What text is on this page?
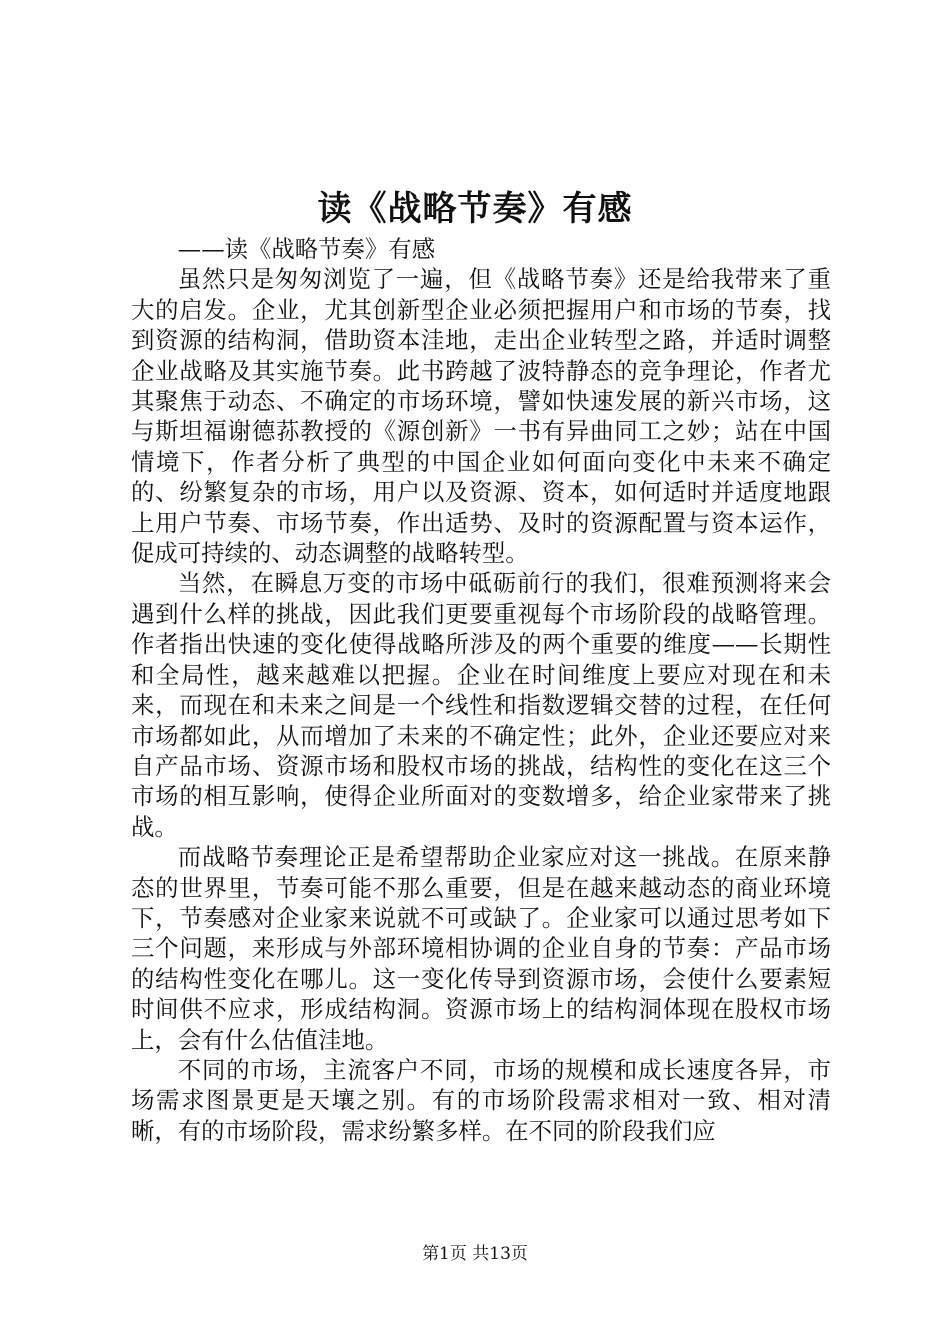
读《战略节奏》有感

——读《战略节奏》有感

虽然只是匆匆浏览了一遍，但《战略节奏》还是给我带来了重大的启发。企业，尤其创新型企业必须把握用户和市场的节奏，找到资源的结构洞，借助资本洼地，走出企业转型之路，并适时调整企业战略及其实施节奏。此书跨越了波特静态的竞争理论，作者尤其聚焦于动态、不确定的市场环境，譬如快速发展的新兴市场，这与斯坦福谢德荪教授的《源创新》一书有异曲同工之妙；站在中国情境下，作者分析了典型的中国企业如何面向变化中未来不确定的、纷繁复杂的市场，用户以及资源、资本，如何适时并适度地跟上用户节奏、市场节奏，作出适势、及时的资源配置与资本运作，促成可持续的、动态调整的战略转型。

当然，在瞬息万变的市场中砥砺前行的我们，很难预测将来会遇到什么样的挑战，因此我们更要重视每个市场阶段的战略管理。作者指出快速的变化使得战略所涉及的两个重要的维度——长期性和全局性，越来越难以把握。企业在时间维度上要应对现在和未来，而现在和未来之间是一个线性和指数逻辑交替的过程，在任何市场都如此，从而增加了未来的不确定性；此外，企业还要应对来自产品市场、资源市场和股权市场的挑战，结构性的变化在这三个市场的相互影响，使得企业所面对的变数增多，给企业家带来了挑战。

而战略节奏理论正是希望帮助企业家应对这一挑战。在原来静态的世界里，节奏可能不那么重要，但是在越来越动态的商业环境下，节奏感对企业家来说就不可或缺了。企业家可以通过思考如下三个问题，来形成与外部环境相协调的企业自身的节奏：产品市场的结构性变化在哪儿。这一变化传导到资源市场，会使什么要素短时间供不应求，形成结构洞。资源市场上的结构洞体现在股权市场上，会有什么估值洼地。

不同的市场，主流客户不同，市场的规模和成长速度各异，市场需求图景更是天壤之别。有的市场阶段需求相对一致、相对清晰，有的市场阶段，需求纷繁多样。在不同的阶段我们应

第1页 共13页
